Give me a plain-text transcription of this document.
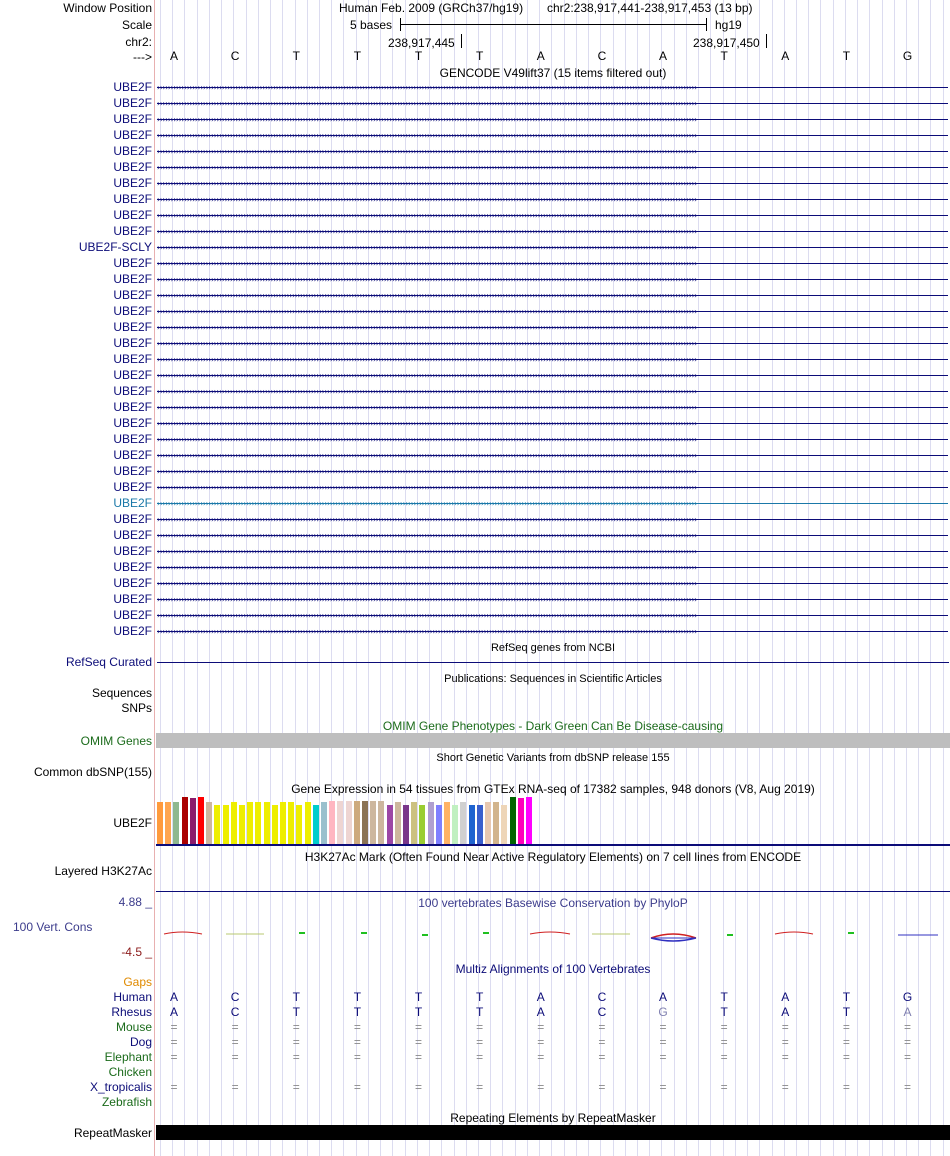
Window Position
Scale
chr2:
--->
Human Feb. 2009 (GRCh37/hg19) chr2:238,917,441-238,917,453 (13 bp)
5 bases	hg19
238,917,445	238,917,450
A	C	T	T	T	T	A	C	A	T	A	T	G
GENCODE V49lift37 (15 items filtered out)
UBE2F ››››››››››››››››››››››››››››››››››››››››››››››››››››››››››››››››››››››››››››››››››››››››››››››››››››››››››››››››››››››››››››››››››››››››››››››››››››››››››››››››››››››››››››››››››››››››››››››››››››››››
UBE2F ››››››››››››››››››››››››››››››››››››››››››››››››››››››››››››››››››››››››››››››››››››››››››››››››››››››››››››››››››››››››››››››››››››››››››››››››››››››››››››››››››››››››››››››››››››››››››››››››››››››››
UBE2F ››››››››››››››››››››››››››››››››››››››››››››››››››››››››››››››››››››››››››››››››››››››››››››››››››››››››››››››››››››››››››››››››››››››››››››››››››››››››››››››››››››››››››››››››››››››››››››››››››››››››
UBE2F ››››››››››››››››››››››››››››››››››››››››››››››››››››››››››››››››››››››››››››››››››››››››››››››››››››››››››››››››››››››››››››››››››››››››››››››››››››››››››››››››››››››››››››››››››››››››››››››››››››››››
UBE2F ››››››››››››››››››››››››››››››››››››››››››››››››››››››››››››››››››››››››››››››››››››››››››››››››››››››››››››››››››››››››››››››››››››››››››››››››››››››››››››››››››››››››››››››››››››››››››››››››››››››››
UBE2F ››››››››››››››››››››››››››››››››››››››››››››››››››››››››››››››››››››››››››››››››››››››››››››››››››››››››››››››››››››››››››››››››››››››››››››››››››››››››››››››››››››››››››››››››››››››››››››››››››››››››
UBE2F ››››››››››››››››››››››››››››››››››››››››››››››››››››››››››››››››››››››››››››››››››››››››››››››››››››››››››››››››››››››››››››››››››››››››››››››››››››››››››››››››››››››››››››››››››››››››››››››››››››››››
UBE2F ››››››››››››››››››››››››››››››››››››››››››››››››››››››››››››››››››››››››››››››››››››››››››››››››››››››››››››››››››››››››››››››››››››››››››››››››››››››››››››››››››››››››››››››››››››››››››››››››››››››››
UBE2F ››››››››››››››››››››››››››››››››››››››››››››››››››››››››››››››››››››››››››››››››››››››››››››››››››››››››››››››››››››››››››››››››››››››››››››››››››››››››››››››››››››››››››››››››››››››››››››››››››››››››
UBE2F ››››››››››››››››››››››››››››››››››››››››››››››››››››››››››››››››››››››››››››››››››››››››››››››››››››››››››››››››››››››››››››››››››››››››››››››››››››››››››››››››››››››››››››››››››››››››››››››››››››››››
UBE2F-SCLY ››››››››››››››››››››››››››››››››››››››››››››››››››››››››››››››››››››››››››››››››››››››››››››››››››››››››››››››››››››››››››››››››››››››››››››››››››››››››››››››››››››››››››››››››››››››››››››››››››››››››
UBE2F ››››››››››››››››››››››››››››››››››››››››››››››››››››››››››››››››››››››››››››››››››››››››››››››››››››››››››››››››››››››››››››››››››››››››››››››››››››››››››››››››››››››››››››››››››››››››››››››››››››››››
UBE2F ››››››››››››››››››››››››››››››››››››››››››››››››››››››››››››››››››››››››››››››››››››››››››››››››››››››››››››››››››››››››››››››››››››››››››››››››››››››››››››››››››››››››››››››››››››››››››››››››››››››››
UBE2F ››››››››››››››››››››››››››››››››››››››››››››››››››››››››››››››››››››››››››››››››››››››››››››››››››››››››››››››››››››››››››››››››››››››››››››››››››››››››››››››››››››››››››››››››››››››››››››››››››››››››
UBE2F ››››››››››››››››››››››››››››››››››››››››››››››››››››››››››››››››››››››››››››››››››››››››››››››››››››››››››››››››››››››››››››››››››››››››››››››››››››››››››››››››››››››››››››››››››››››››››››››››››››››››
UBE2F ››››››››››››››››››››››››››››››››››››››››››››››››››››››››››››››››››››››››››››››››››››››››››››››››››››››››››››››››››››››››››››››››››››››››››››››››››››››››››››››››››››››››››››››››››››››››››››››››››››››››
UBE2F ››››››››››››››››››››››››››››››››››››››››››››››››››››››››››››››››››››››››››››››››››››››››››››››››››››››››››››››››››››››››››››››››››››››››››››››››››››››››››››››››››››››››››››››››››››››››››››››››››››››››
UBE2F ››››››››››››››››››››››››››››››››››››››››››››››››››››››››››››››››››››››››››››››››››››››››››››››››››››››››››››››››››››››››››››››››››››››››››››››››››››››››››››››››››››››››››››››››››››››››››››››››››››››››
UBE2F ››››››››››››››››››››››››››››››››››››››››››››››››››››››››››››››››››››››››››››››››››››››››››››››››››››››››››››››››››››››››››››››››››››››››››››››››››››››››››››››››››››››››››››››››››››››››››››››››››››››››
UBE2F ››››››››››››››››››››››››››››››››››››››››››››››››››››››››››››››››››››››››››››››››››››››››››››››››››››››››››››››››››››››››››››››››››››››››››››››››››››››››››››››››››››››››››››››››››››››››››››››››››››››››
UBE2F ››››››››››››››››››››››››››››››››››››››››››››››››››››››››››››››››››››››››››››››››››››››››››››››››››››››››››››››››››››››››››››››››››››››››››››››››››››››››››››››››››››››››››››››››››››››››››››››››››››››››
UBE2F ››››››››››››››››››››››››››››››››››››››››››››››››››››››››››››››››››››››››››››››››››››››››››››››››››››››››››››››››››››››››››››››››››››››››››››››››››››››››››››››››››››››››››››››››››››››››››››››››››››››››
UBE2F ››››››››››››››››››››››››››››››››››››››››››››››››››››››››››››››››››››››››››››››››››››››››››››››››››››››››››››››››››››››››››››››››››››››››››››››››››››››››››››››››››››››››››››››››››››››››››››››››››››››››
UBE2F ››››››››››››››››››››››››››››››››››››››››››››››››››››››››››››››››››››››››››››››››››››››››››››››››››››››››››››››››››››››››››››››››››››››››››››››››››››››››››››››››››››››››››››››››››››››››››››››››››››››››
UBE2F ››››››››››››››››››››››››››››››››››››››››››››››››››››››››››››››››››››››››››››››››››››››››››››››››››››››››››››››››››››››››››››››››››››››››››››››››››››››››››››››››››››››››››››››››››››››››››››››››››››››››
UBE2F ››››››››››››››››››››››››››››››››››››››››››››››››››››››››››››››››››››››››››››››››››››››››››››››››››››››››››››››››››››››››››››››››››››››››››››››››››››››››››››››››››››››››››››››››››››››››››››››››››››››››
UBE2F ››››››››››››››››››››››››››››››››››››››››››››››››››››››››››››››››››››››››››››››››››››››››››››››››››››››››››››››››››››››››››››››››››››››››››››››››››››››››››››››››››››››››››››››››››››››››››››››››››››››››
UBE2F ››››››››››››››››››››››››››››››››››››››››››››››››››››››››››››››››››››››››››››››››››››››››››››››››››››››››››››››››››››››››››››››››››››››››››››››››››››››››››››››››››››››››››››››››››››››››››››››››››››››››
UBE2F ››››››››››››››››››››››››››››››››››››››››››››››››››››››››››››››››››››››››››››››››››››››››››››››››››››››››››››››››››››››››››››››››››››››››››››››››››››››››››››››››››››››››››››››››››››››››››››››››››››››››
UBE2F ››››››››››››››››››››››››››››››››››››››››››››››››››››››››››››››››››››››››››››››››››››››››››››››››››››››››››››››››››››››››››››››››››››››››››››››››››››››››››››››››››››››››››››››››››››››››››››››››››››››››
UBE2F ››››››››››››››››››››››››››››››››››››››››››››››››››››››››››››››››››››››››››››››››››››››››››››››››››››››››››››››››››››››››››››››››››››››››››››››››››››››››››››››››››››››››››››››››››››››››››››››››››››››››
UBE2F ››››››››››››››››››››››››››››››››››››››››››››››››››››››››››››››››››››››››››››››››››››››››››››››››››››››››››››››››››››››››››››››››››››››››››››››››››››››››››››››››››››››››››››››››››››››››››››››››››››››››
UBE2F ››››››››››››››››››››››››››››››››››››››››››››››››››››››››››››››››››››››››››››››››››››››››››››››››››››››››››››››››››››››››››››››››››››››››››››››››››››››››››››››››››››››››››››››››››››››››››››››››››››››››
UBE2F ››››››››››››››››››››››››››››››››››››››››››››››››››››››››››››››››››››››››››››››››››››››››››››››››››››››››››››››››››››››››››››››››››››››››››››››››››››››››››››››››››››››››››››››››››››››››››››››››››››››››
UBE2F ››››››››››››››››››››››››››››››››››››››››››››››››››››››››››››››››››››››››››››››››››››››››››››››››››››››››››››››››››››››››››››››››››››››››››››››››››››››››››››››››››››››››››››››››››››››››››››››››››››››››
RefSeq genes from NCBI
RefSeq Curated
Publications: Sequences in Scientific Articles
Sequences
SNPs
OMIM Gene Phenotypes - Dark Green Can Be Disease-causing
OMIM Genes
Short Genetic Variants from dbSNP release 155
Common dbSNP(155)
Gene Expression in 54 tissues from GTEx RNA-seq of 17382 samples, 948 donors (V8, Aug 2019)
UBE2F
H3K27Ac Mark (Often Found Near Active Regulatory Elements) on 7 cell lines from ENCODE
Layered H3K27Ac
4.88 _	100 vertebrates Basewise Conservation by PhyloP
100 Vert. Cons
-4.5 _
Multiz Alignments of 100 Vertebrates
Gaps
Human	A	C	T	T	T	T	A	C	A	T	A	T	G
Rhesus	A	C	T	T	T	T	A	C	G	T	A	T	A
Mouse	=	=	=	=	=	=	=	=	=	=	=	=	=
Dog	=	=	=	=	=	=	=	=	=	=	=	=	=
Elephant	=	=	=	=	=	=	=	=	=	=	=	=	=
Chicken
X_tropicalis	=	=	=	=	=	=	=	=	=	=	=	=	=
Zebrafish
Repeating Elements by RepeatMasker
RepeatMasker
